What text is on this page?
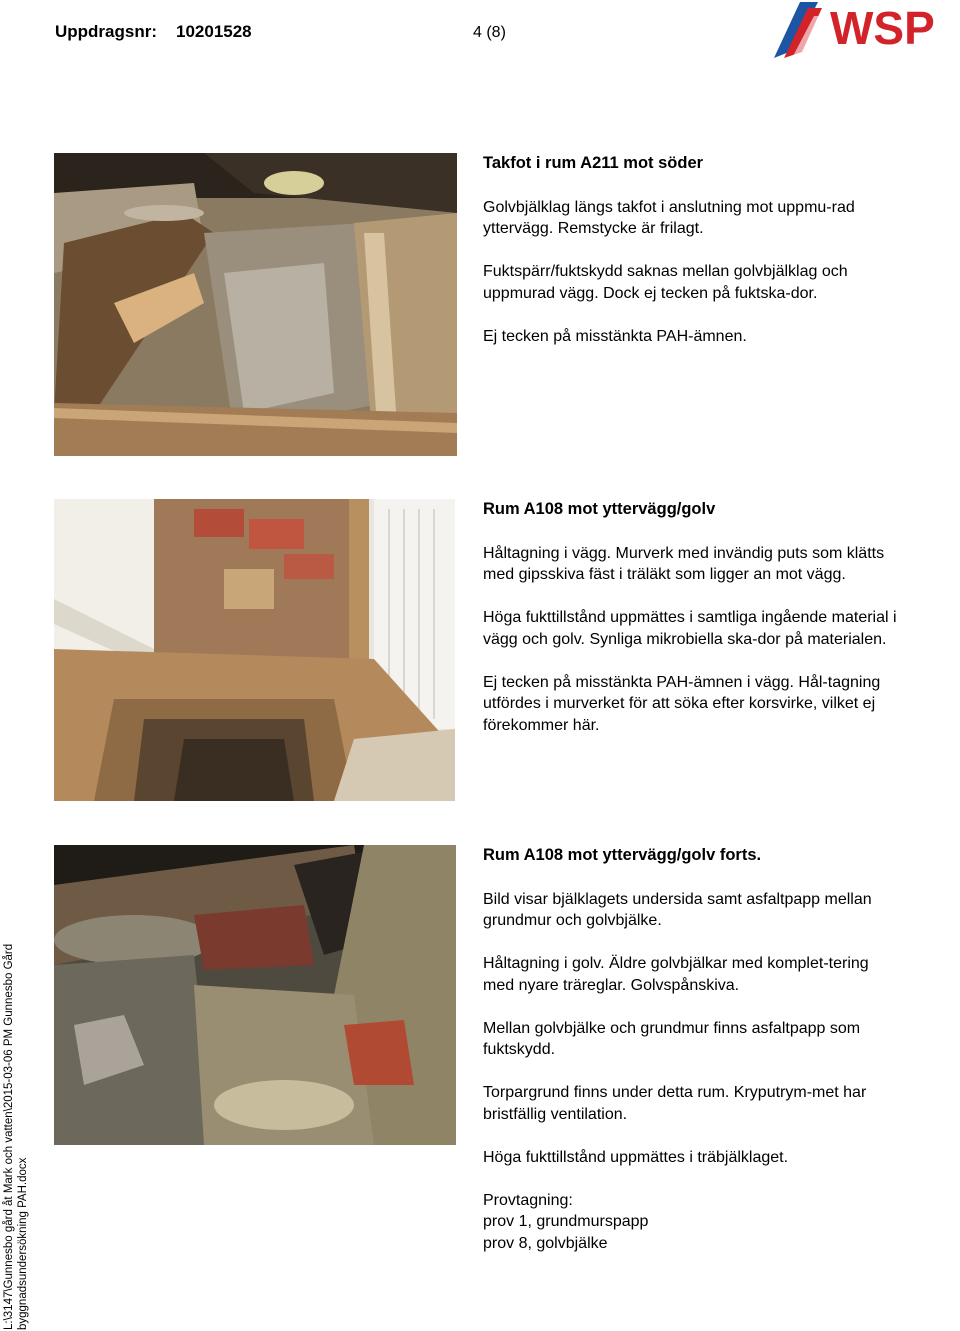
Uppdragsnr: 10201528	4 (8)	WSP
Takfot i rum A211 mot söder

Golvbjälklag längs takfot i anslutning mot uppmu-rad yttervägg. Remstycke är frilagt.

Fuktspärr/fuktskydd saknas mellan golvbjälklag och uppmurad vägg. Dock ej tecken på fuktska-dor.

Ej tecken på misstänkta PAH-ämnen.

Rum A108 mot yttervägg/golv

Håltagning i vägg. Murverk med invändig puts som klätts med gipsskiva fäst i träläkt som ligger an mot vägg.

Höga fukttillstånd uppmättes i samtliga ingående material i vägg och golv. Synliga mikrobiella ska-dor på materialen.

Ej tecken på misstänkta PAH-ämnen i vägg. Hål-tagning utfördes i murverket för att söka efter korsvirke, vilket ej förekommer här.

Rum A108 mot yttervägg/golv forts.

Bild visar bjälklagets undersida samt asfaltpapp mellan grundmur och golvbjälke.

Håltagning i golv. Äldre golvbjälkar med komplet-tering med nyare träreglar. Golvspånskiva.

Mellan golvbjälke och grundmur finns asfaltpapp som fuktskydd.

Torpargrund finns under detta rum. Kryputrym-met har bristfällig ventilation.

Höga fukttillstånd uppmättes i träbjälklaget.

Provtagning:
prov 1, grundmurspapp
prov 8, golvbjälke

L:\3147\Gunnesbo gård åt Mark och vatten\2015-03-06 PM Gunnesbo Gård byggnadsundersökning PAH.docx
